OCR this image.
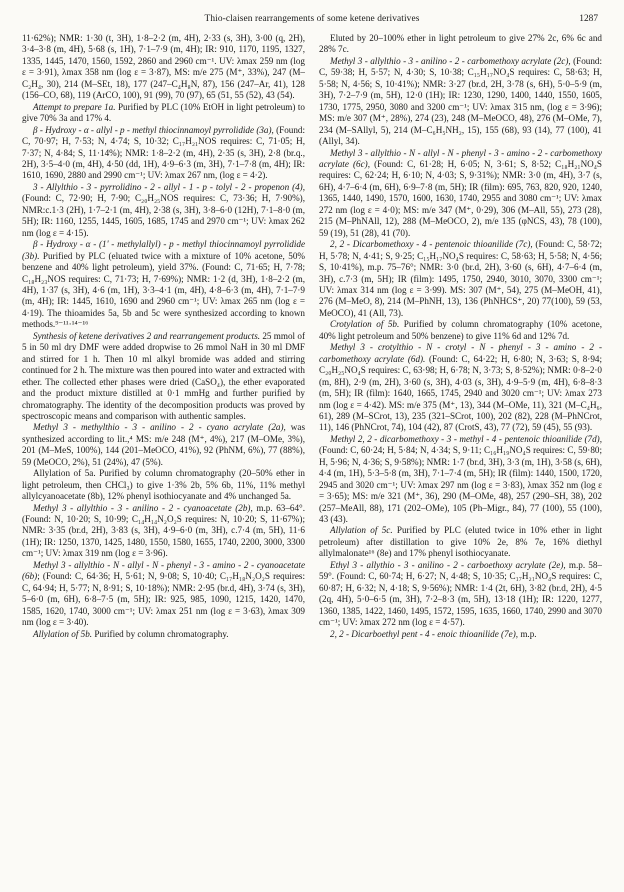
Thio-claisen rearrangements of some ketene derivatives	1287

11·62%); NMR: 1·30 (t, 3H), 1·8–2·2 (m, 4H), 2·33 (s, 3H), 3·00 (q, 2H), 3·4–3·8 (m, 4H), 5·68 (s, 1H), 7·1–7·9 (m, 4H); IR: 910, 1170, 1195, 1327, 1335, 1445, 1470, 1560, 1592, 2860 and 2960 cm⁻¹. UV: λmax 259 nm (log ε = 3·91), λmax 358 nm (log ε = 3·87), MS: m/e 275 (M⁺, 33%), 247 (M–C₂H₄, 30), 214 (M–SEt, 18), 177 (247–C₄H₈N, 87), 156 (247–Ar, 41), 128 (156–CO, 68), 119 (ArCO, 100), 91 (99), 70 (97), 65 (51, 55 (52), 43 (54).

Attempt to prepare 1a. Purified by PLC (10% EtOH in light petroleum) to give 70% 3a and 17% 4.

β - Hydroxy - α - allyl - p - methyl thiocinnamoyl pyrrolidide (3a), (Found: C, 70·97; H, 7·53; N, 4·74; S, 10·32; C₁₇H₂₁NOS requires: C, 71·05; H, 7·37; N, 4·84; S, 11·14%); NMR: 1·8–2·2 (m, 4H), 2·35 (s, 3H), 2·8 (br.q., 2H), 3·5–4·0 (m, 4H), 4·50 (dd, 1H), 4·9–6·3 (m, 3H), 7·1–7·8 (m, 4H); IR: 1610, 1690, 2880 and 2990 cm⁻¹; UV: λmax 267 nm, (log ε = 4·2).

3 - Allylthio - 3 - pyrrolidino - 2 - allyl - 1 - p - tolyl - 2 - propenon (4), (Found: C, 72·90; H, 7·90; C₂₀H₂₅NOS requires: C, 73·36; H, 7·90%), NMR:c.1·3 (2H), 1·7–2·1 (m, 4H), 2·38 (s, 3H), 3·8–6·0 (12H), 7·1–8·0 (m, 5H); IR: 1160, 1255, 1445, 1605, 1685, 1745 and 2970 cm⁻¹; UV: λmax 262 nm (log ε = 4·15).

β - Hydroxy - α - (1' - methylallyl) - p - methyl thiocinnamoyl pyrrolidide (3b). Purified by PLC (eluated twice with a mixture of 10% acetone, 50% benzene and 40% light petroleum), yield 37%. (Found: C, 71·65; H, 7·78; C₁₈H₂₃NOS requires: C, 71·73; H, 7·69%); NMR: 1·2 (d, 3H), 1·8–2·2 (m, 4H), 1·37 (s, 3H), 4·6 (m, 1H), 3·3–4·1 (m, 4H), 4·8–6·3 (m, 4H), 7·1–7·9 (m, 4H); IR: 1445, 1610, 1690 and 2960 cm⁻¹; UV: λmax 265 nm (log ε = 4·19). The thioamides 5a, 5b and 5c were synthesized according to known methods.⁹⁻¹¹·¹⁴⁻¹⁶

Synthesis of ketene derivatives 2 and rearrangement products. 25 mmol of 5 in 50 ml dry DMF were added dropwise to 26 mmol NaH in 30 ml DMF and stirred for 1 h. Then 10 ml alkyl bromide was added and stirring continued for 2 h. The mixture was then poured into water and extracted with ether. The collected ether phases were dried (CaSO₄), the ether evaporated and the product mixture distilled at 0·1 mmHg and further purified by chromatography. The identity of the decomposition products was proved by spectroscopic means and comparison with authentic samples.

Methyl 3 - methylthio - 3 - anilino - 2 - cyano acrylate (2a), was synthesized according to lit.,⁴ MS: m/e 248 (M⁺, 4%), 217 (M–OMe, 3%), 201 (M–MeS, 100%), 144 (201–MeOCO, 41%), 92 (PhNM, 6%), 77 (88%), 59 (MeOCO, 2%), 51 (24%), 47 (5%).

Allylation of 5a. Purified by column chromatography (20–50% ether in light petroleum, then CHCl₃) to give 1·3% 2b, 5% 6b, 11%, 11% methyl allylcyanoacetate (8b), 12% phenyl isothiocyanate and 4% unchanged 5a.

Methyl 3 - allylthio - 3 - anilino - 2 - cyanoacetate (2b), m.p. 63–64°. (Found: N, 10·20; S, 10·99; C₁₄H₁₄N₂O₂S requires: N, 10·20; S, 11·67%); NMR: 3·35 (br.d, 2H), 3·83 (s, 3H), 4·9–6·0 (m, 3H), c.7·4 (m, 5H), 11·6 (1H); IR: 1250, 1370, 1425, 1480, 1550, 1580, 1655, 1740, 2200, 3000, 3300 cm⁻¹; UV: λmax 319 nm (log ε = 3·96).

Methyl 3 - allylthio - N - allyl - N - phenyl - 3 - amino - 2 - cyanoacetate (6b); (Found: C, 64·36; H, 5·61; N, 9·08; S, 10·40; C₁₇H₁₈N₂O₂S requires: C, 64·94; H, 5·77; N, 8·91; S, 10·18%); NMR: 2·95 (br.d, 4H), 3·74 (s, 3H), 5–6·0 (m, 6H), 6·8–7·5 (m, 5H); IR: 925, 985, 1090, 1215, 1420, 1470, 1585, 1620, 1740, 3000 cm⁻¹; UV: λmax 251 nm (log ε = 3·63), λmax 309 nm (log ε = 3·40).

Allylation of 5b. Purified by column chromatography.

Eluted by 20–100% ether in light petroleum to give 27% 2c, 6% 6c and 28% 7c.

Methyl 3 - allylthio - 3 - anilino - 2 - carbomethoxy acrylate (2c), (Found: C, 59·38; H, 5·57; N, 4·30; S, 10·38; C₁₅H₁₇NO₄S requires: C, 58·63; H, 5·58; N, 4·56; S, 10·41%); NMR: 3·27 (br.d, 2H, 3·78 (s, 6H), 5·0–5·9 (m, 3H), 7·2–7·9 (m, 5H), 12·0 (1H); IR: 1230, 1290, 1400, 1440, 1550, 1605, 1730, 1775, 2950, 3080 and 3200 cm⁻¹; UV: λmax 315 nm, (log ε = 3·96); MS: m/e 307 (M⁺, 28%), 274 (23), 248 (M–MeOCO, 48), 276 (M–OMe, 7), 234 (M–SAllyl, 5), 214 (M–C₆H₅NH₂, 15), 155 (68), 93 (14), 77 (100), 41 (Allyl, 34).

Methyl 3 - allylthio - N - allyl - N - phenyl - 3 - amino - 2 - carbomethoxy acrylate (6c), (Found: C, 61·28; H, 6·05; N, 3·61; S, 8·52; C₁₈H₂₁NO₄S requires: C, 62·24; H, 6·10; N, 4·03; S, 9·31%); NMR: 3·0 (m, 4H), 3·7 (s, 6H), 4·7–6·4 (m, 6H), 6·9–7·8 (m, 5H); IR (film): 695, 763, 820, 920, 1240, 1365, 1440, 1490, 1570, 1600, 1630, 1740, 2955 and 3080 cm⁻¹; UV: λmax 272 nm (log ε = 4·0); MS: m/e 347 (M⁺, 0·29), 306 (M–All, 55), 273 (28), 215 (M–PhNAll, 12), 288 (M–MeOCO, 2), m/e 135 (φNCS, 43), 78 (100), 59 (19), 51 (28), 41 (70).

2, 2 - Dicarbomethoxy - 4 - pentenoic thioanilide (7c), (Found: C, 58·72; H, 5·78; N, 4·41; S, 9·25; C₁₅H₁₇NO₄S requires: C, 58·63; H, 5·58; N, 4·56; S, 10·41%), m.p. 75–76°; NMR: 3·0 (br.d, 2H), 3·60 (s, 6H), 4·7–6·4 (m, 3H), c.7·3 (m, 5H); IR (film): 1495, 1750, 2940, 3010, 3070, 3300 cm⁻¹; UV: λmax 314 nm (log ε = 3·99). MS: 307 (M⁺, 54), 275 (M–MeOH, 41), 276 (M–MeO, 8), 214 (M–PhNH, 13), 136 (PhNHCS⁺, 20) 77(100), 59 (53, MeOCO), 41 (All, 73).

Crotylation of 5b. Purified by column chromatography (10% acetone, 40% light petroleum and 50% benzene) to give 11% 6d and 12% 7d.

Methyl 3 - crotylthio - N - crotyl - N - phenyl - 3 - amino - 2 - carbomethoxy acrylate (6d). (Found: C, 64·22; H, 6·80; N, 3·63; S, 8·94; C₂₀H₂₅NO₄S requires: C, 63·98; H, 6·78; N, 3·73; S, 8·52%); NMR: 0·8–2·0 (m, 8H), 2·9 (m, 2H), 3·60 (s, 3H), 4·03 (s, 3H), 4·9–5·9 (m, 4H), 6·8–8·3 (m, 5H); IR (film): 1640, 1665, 1745, 2940 and 3020 cm⁻¹; UV: λmax 273 nm (log ε = 4·42). MS: m/e 375 (M⁺, 13), 344 (M–OMe, 11), 321 (M–C₄H₆, 61), 289 (M–SCrot, 13), 235 (321–SCrot, 100), 202 (82), 228 (M–PhNCrot, 11), 146 (PhNCrot, 74), 104 (42), 87 (CrotS, 43), 77 (72), 59 (45), 55 (93).

Methyl 2, 2 - dicarbomethoxy - 3 - methyl - 4 - pentenoic thioanilide (7d), (Found: C, 60·24; H, 5·84; N, 4·34; S, 9·11; C₁₆H₁₉NO₄S requires: C, 59·80; H, 5·96; N, 4·36; S, 9·58%); NMR: 1·7 (br.d, 3H), 3·3 (m, 1H), 3·58 (s, 6H), 4·4 (m, 1H), 5·3–5·8 (m, 3H), 7·1–7·4 (m, 5H); IR (film): 1440, 1500, 1720, 2945 and 3020 cm⁻¹; UV: λmax 297 nm (log ε = 3·83), λmax 352 nm (log ε = 3·65); MS: m/e 321 (M⁺, 36), 290 (M–OMe, 48), 257 (290–SH, 38), 202 (257–MeAll, 88), 171 (202–OMe), 105 (Ph–Migr., 84), 77 (100), 55 (100), 43 (43).

Allylation of 5c. Purified by PLC (eluted twice in 10% ether in light petroleum) after distillation to give 10% 2e, 8% 7e, 16% diethyl allylmalonate¹⁶ (8e) and 17% phenyl isothiocyanate.

Ethyl 3 - allythio - 3 - anilino - 2 - carboethoxy acrylate (2e), m.p. 58–59°. (Found: C, 60·74; H, 6·27; N, 4·48; S, 10·35; C₁₇H₂₁NO₄S requires: C, 60·87; H, 6·32; N, 4·18; S, 9·56%); NMR: 1·4 (2t, 6H), 3·82 (br.d, 2H), 4·5 (2q, 4H), 5·0–6·5 (m, 3H), 7·2–8·3 (m, 5H), 13·18 (1H); IR: 1220, 1277, 1360, 1385, 1422, 1460, 1495, 1572, 1595, 1635, 1660, 1740, 2990 and 3070 cm⁻¹; UV: λmax 272 nm (log ε = 4·57).

2, 2 - Dicarboethyl pent - 4 - enoic thioanilide (7e), m.p.
